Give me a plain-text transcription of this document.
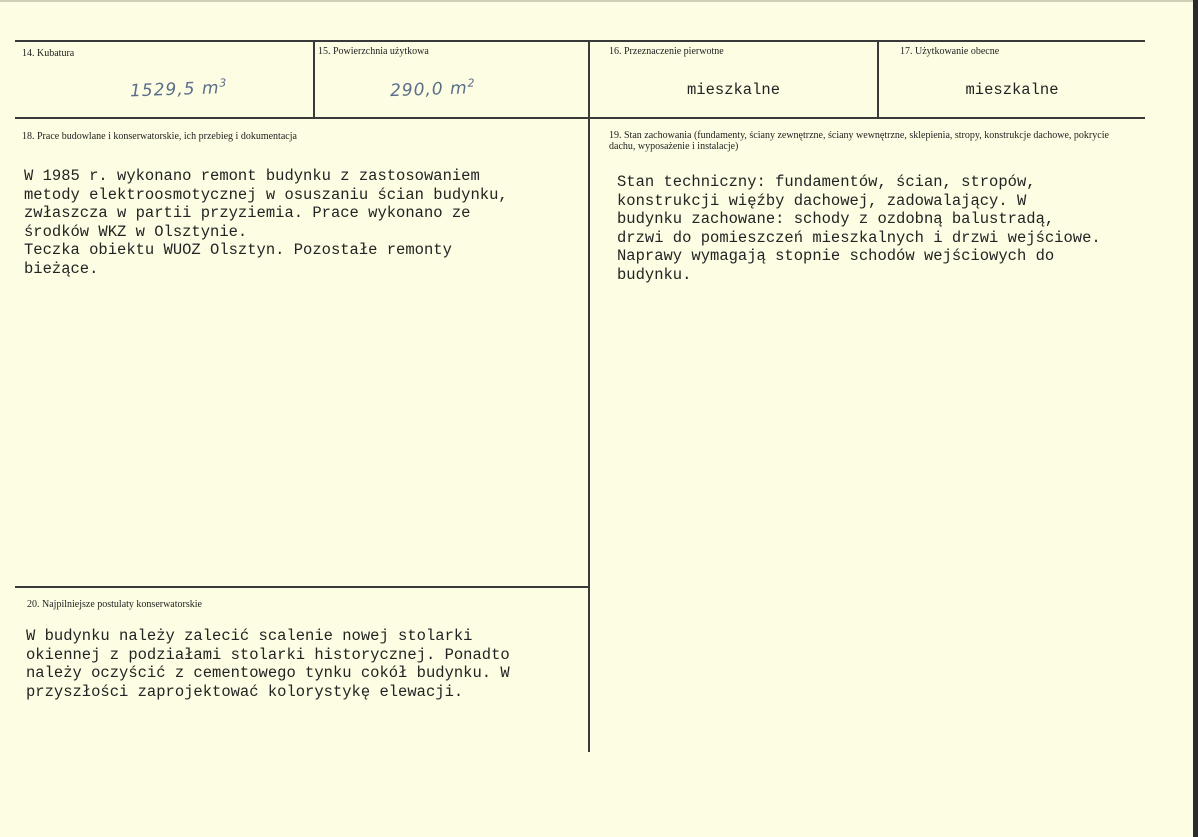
14. Kubatura
1529,5 $m^3$
15. Powierzchnia użytkowa
290,0 $m^2$
16. Przeznaczenie pierwotne
mieszkalne
17. Użytkowanie obecne
mieszkalne
18. Prace budowlane i konserwatorskie, ich przebieg i dokumentacja

W 1985 r. wykonano remont budynku z zastosowaniem

metody elektroosmotycznej w osuszaniu ścian budynku,

zwłaszcza w partii przyziemia. Prace wykonano ze

środków WKZ w Olsztynie.

Teczka obiektu WUOZ Olsztyn. Pozostałe remonty

bieżące.

19. Stan zachowania (fundamenty, ściany zewnętrzne, ściany wewnętrzne, sklepienia, stropy, konstrukcje dachowe, pokrycie dachu, wyposażenie i instalacje)

Stan techniczny: fundamentów, ścian, stropów,

konstrukcji więźby dachowej, zadowalający. W

budynku zachowane: schody z ozdobną balustradą,

drzwi do pomieszczeń mieszkalnych i drzwi wejściowe.

Naprawy wymagają stopnie schodów wejściowych do

budynku.

20. Najpilniejsze postulaty konserwatorskie

W budynku należy zalecić scalenie nowej stolarki

okiennej z podziałami stolarki historycznej. Ponadto

należy oczyścić z cementowego tynku cokół budynku. W

przyszłości zaprojektować kolorystykę elewacji.
